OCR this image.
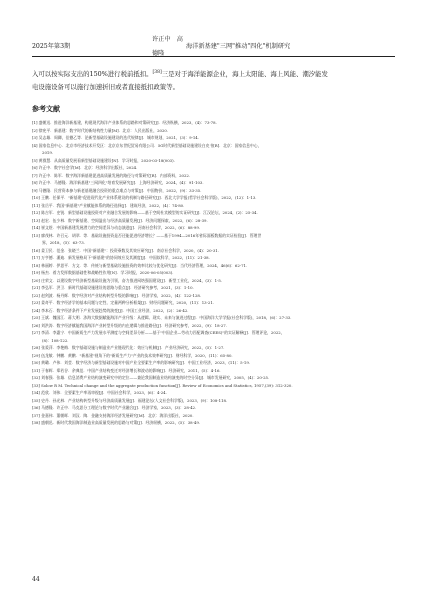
2025年第3期
许正中　高德隆
海洋新基建"三网"推动"四化"机制研究
入可以按实际支出的150%进行税前抵扣。[38]三是对于海洋能源企业，海上太阳能、海上风能、潮汐能发
电设施设备可以施行加速折旧或者直接抵扣政策等。
参考文献
[1] 盛朝迅．推进海洋新基建，构建现代海洋产业体系的思路和对策研究[J]．经济纵横，2023，(4)：73-78．
[2] 徐宪平．新基建：数字时代的新结构性力量[M]．北京：人民出版社，2020．
[3] 吴志雄．周卿，佳德乙等．论新型基础设施建设的迭代规律[J]．城市规划，2021，(3)：9-14．
[4] 国家信息中心．北京市经济技术开发区：北京京东世纪贸易有限公司．5G时代新型基础设施建设白皮书[R]．北京：国家信息中心，
2019．
[5] 黄群慧．从高质量发展看新型基础设施建设[N]．学习时报，2020-03-18(003)．
[6] 许正中．数字社会学[M]．北京：经济科学出版社，2024．
[7] 许正中．陈军．数字海洋新基建促进高质量发展的路径与对策研究[R]．内部资料，2022．
[8] 许正中．马德隆．海洋新基建"三网四化"培育发展研究[J]．上海经济研究，2024，(4)：91-103．
[9] 马德隆．民营资本参与新老基建融合投资的重点难点与对策[J]．中国物价，2022，(9)：33-35．
[10] 王鹏．任保平．"新基建"促进现代化产业体系建设的机制与路径研究[J]．西北大学学报(哲学社会科学版)，2022，(12)：1-13．
[11] 张岳平．我国"新基建"产业赋能体系的路径选择[J]．建筑经济，2022，(4)：74-80．
[12] 陈吉军．史锐．新型基础设施投资对产业融合发展的影响——基于空间杜宾模型的实证研究[J]．江汉论坛，2024，(2)：25-34．
[13] 赵宏．伍少林．数字新基建、空间溢出与经济高质量发展[J]．经济问题探索，2022，(6)：28-39．
[14] 崔文煜．中国新基建发展潜力的空间差异与动态演进[J]．河南社会科学，2022，(6)：88-99．
[15] 廖茂林．许召元．胡翠．等．基础设施投资是否还能促进经济增长？——基于1994—2016年省际面板数据的实证检验[J]．管理世
界，2018，(5)：63-73．
[16] 姜卫民．范金．张晓兰．中国"新基建"：投资乘数及其效应研究[J]．南京社会科学，2020，(4)：20-31．
[17] 万亨德．潘迪．新发展格局下"新基建"的协同效应及其测度[J]．中国软科学，2022，(11)：21-38．
[18] 林丽婷．伊思平．方文．等．传统与新型基础设施投资的效率比较与优化研究[J]．当代经济管理，2024，46(6)：62-71．
[19] 杨杰．着力发挥数据基础性和战略性作用[N]．学习时报，2020-06-05(003)．
[20] 庄荣文．以建设数字经济新型基础设施为引领，奋力推进网络强国建设[J]．新型工业化，2024，(3)：1-5．
[21] 李弘军．洪卫．新时代基础设施建设的思路与重点[J]．经济研究参考，2021，(3)：1-10．
[22] 赵剑波．杨丹辉．数字经济对产业结构转型升级的影响[J]．经济学家，2022，(4)：122-128．
[23] 姜奇平．数字经济学的基本问题与定性、定量两种分析框架[J]．财经问题研究，2020，(11)：13-21．
[24] 李本石．数字经济条件下产业发展趋势的演变[J]．中国工业经济，2022，(2)：26-42．
[25] 王斌．魏国江．蒋大明．涉海大数据赋能海洋产业升级：从逻辑、现实、未来与演进过程[J]．中国海洋大学学报(社会科学版)，2018，(6)：27-33．
[26] 刘洪涛．数字经济赋能我国海洋产业转型升级的内在逻辑与推进路径[J]．经济研究参考，2022，(9)：18-27．
[27] 李清．李惠宁．中国新质生产力发展水平测度与空间差异分析——基于"中国企业—劳动力匹配调查(CEES)"的实证解释[J]．管理评论，2022，
(8)：108-122．
[28] 张爱萍．李艳梅．数字基础设施与制造业产业链现代化：效应与机制[J]．产业经济研究，2022，(5)：1-27．
[29] 伍龙敏．钟鹏．黄鹏．"新基建"视角下的"新质生产力"产业的技术效率研究[J]．财经科学，2020，(11)：65-80．
[30] 黄璐．卢伟．刘莹．数字经济与新型基础设施对中国产业全要素生产率的影响研究[J]．中国工业经济，2023，(11)：5-19．
[31] 于春辉．郑若谷．余典范．中国产业结构变迁对经济增长和波动的影响[J]．经济研究，2011，(5)：4-16．
[32] 刘春强．张雄．信息消费产业结构演变研究中的定位——兼论我国制造业结构演变的时空分异[J]．城市发展研究，2005，(4)：20-25．
[33] Solow R M. Technical change and the aggregate production function[J]. Review of Economics and Statistics, 1957,(39): 312-320.
[34] 范欣．刘伟．全要素生产率再审视[J]．中国社会科学，2023，(6)：4-24．
[35] 史丹．孙光林．产业结构转型升级与经济高质量发展[J]．福建论坛(人文社会科学版)，2023，(9)：108-118．
[36] 马德隆．许正中．马克思分工理论与数字时代产业融合[J]．经济学家，2023，(3)：28-42．
[37] 金嘉伟．董朝晖．刘汉．陶．金融支持海洋经济发展研究[M]．北京：海洋出版社，2020．
[38] 盛朝迅．新时代我国海洋制造业高质量发展的思路与对策[J]．经济纵横，2022，(5)：38-49．
44
